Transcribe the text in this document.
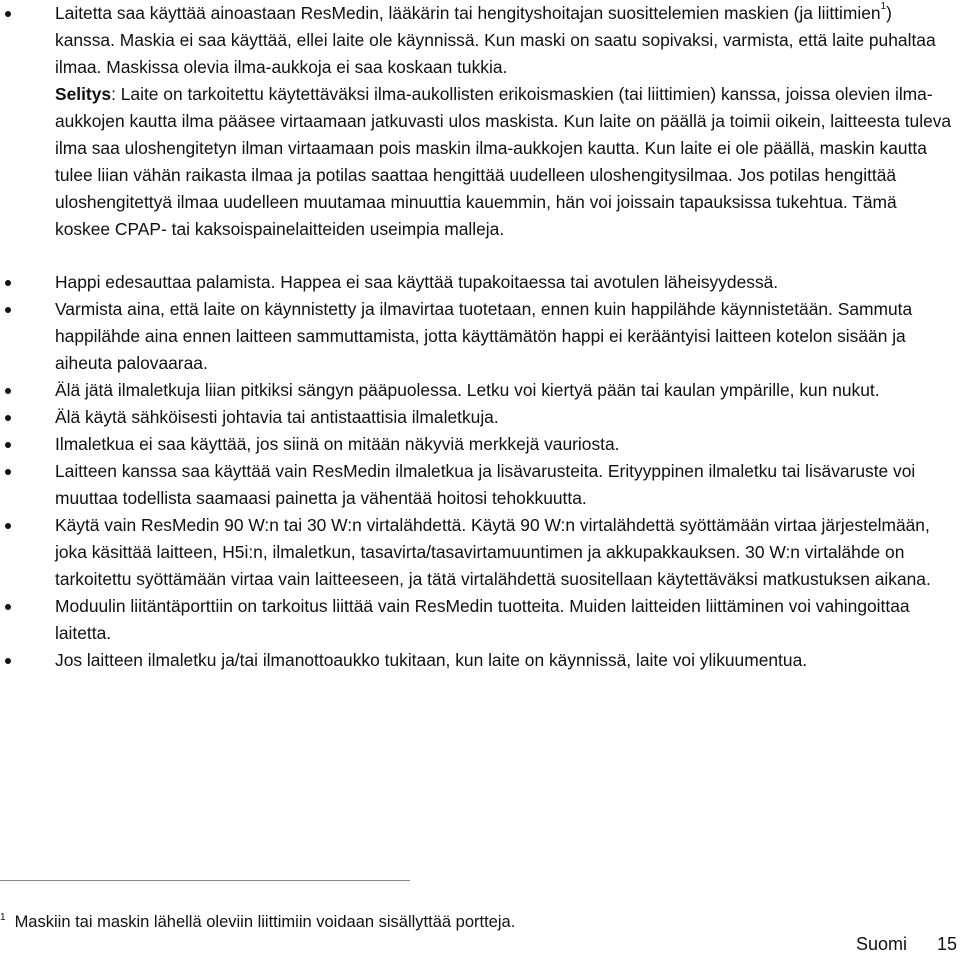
Laitetta saa käyttää ainoastaan ResMedin, lääkärin tai hengityshoitajan suosittelemien maskien (ja liittimien$^1$) kanssa. Maskia ei saa käyttää, ellei laite ole käynnissä. Kun maski on saatu sopivaksi, varmista, että laite puhaltaa ilmaa. Maskissa olevia ilma-aukkoja ei saa koskaan tukkia.

Selitys: Laite on tarkoitettu käytettäväksi ilma-aukollisten erikoismaskien (tai liittimien) kanssa, joissa olevien ilma-aukkojen kautta ilma pääsee virtaamaan jatkuvasti ulos maskista. Kun laite on päällä ja toimii oikein, laitteesta tuleva ilma saa uloshengitetyn ilman virtaamaan pois maskin ilma-aukkojen kautta. Kun laite ei ole päällä, maskin kautta tulee liian vähän raikasta ilmaa ja potilas saattaa hengittää uudelleen uloshengitysilmaa. Jos potilas hengittää uloshengitettyä ilmaa uudelleen muutamaa minuuttia kauemmin, hän voi joissain tapauksissa tukehtua. Tämä koskee CPAP- tai kaksoispainelaitteiden useimpia malleja.

Happi edesauttaa palamista. Happea ei saa käyttää tupakoitaessa tai avotulen läheisyydessä.

Varmista aina, että laite on käynnistetty ja ilmavirtaa tuotetaan, ennen kuin happilähde käynnistetään. Sammuta happilähde aina ennen laitteen sammuttamista, jotta käyttämätön happi ei kerääntyisi laitteen kotelon sisään ja aiheuta palovaaraa.

Älä jätä ilmaletkuja liian pitkiksi sängyn pääpuolessa. Letku voi kiertyä pään tai kaulan ympärille, kun nukut.

Älä käytä sähköisesti johtavia tai antistaattisia ilmaletkuja.

Ilmaletkua ei saa käyttää, jos siinä on mitään näkyviä merkkejä vauriosta.

Laitteen kanssa saa käyttää vain ResMedin ilmaletkua ja lisävarusteita. Erityyppinen ilmaletku tai lisävaruste voi muuttaa todellista saamaasi painetta ja vähentää hoitosi tehokkuutta.

Käytä vain ResMedin 90 W:n tai 30 W:n virtalähdettä. Käytä 90 W:n virtalähdettä syöttämään virtaa järjestelmään, joka käsittää laitteen, H5i:n, ilmaletkun, tasavirta/tasavirtamuuntimen ja akkupakkauksen. 30 W:n virtalähde on tarkoitettu syöttämään virtaa vain laitteeseen, ja tätä virtalähdettä suositellaan käytettäväksi matkustuksen aikana.

Moduulin liitäntäporttiin on tarkoitus liittää vain ResMedin tuotteita. Muiden laitteiden liittäminen voi vahingoittaa laitetta.

Jos laitteen ilmaletku ja/tai ilmanottoaukko tukitaan, kun laite on käynnissä, laite voi ylikuumentua.

$^1$ Maskiin tai maskin lähellä oleviin liittimiin voidaan sisällyttää portteja.
Suomi 15
